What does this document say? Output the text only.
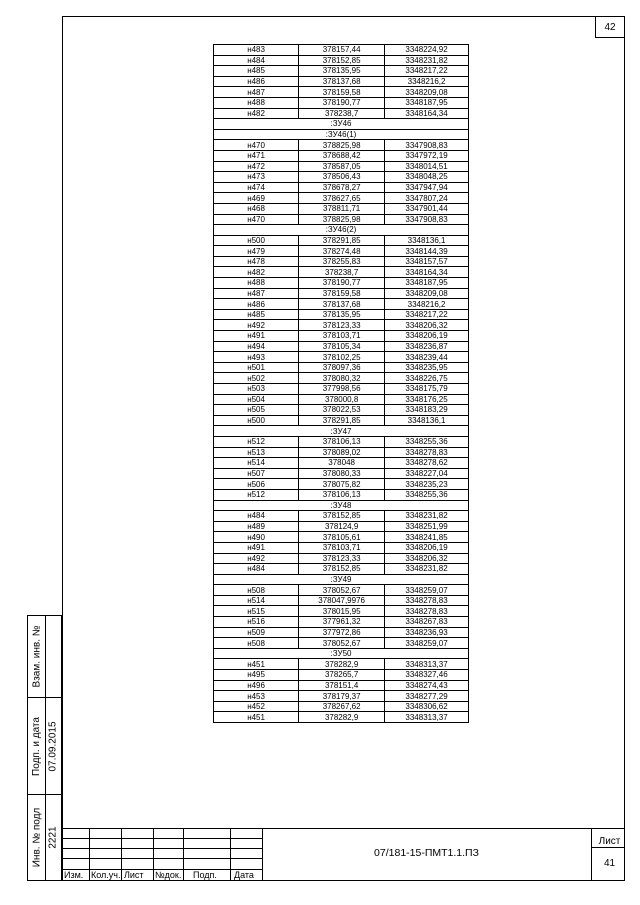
42
н483	378157,44	3348224,92
н484	378152,85	3348231,82
н485	378135,95	3348217,22
н486	378137,68	3348216,2
н487	378159,58	3348209,08
н488	378190,77	3348187,95
н482	378238,7	3348164,34
:ЗУ46		
:ЗУ46(1)		
н470	378825,98	3347908,83
н471	378688,42	3347972,19
н472	378587,05	3348014,51
н473	378506,43	3348048,25
н474	378678,27	3347947,94
н469	378627,65	3347807,24
н468	378811,71	3347901,44
н470	378825,98	3347908,83
:ЗУ46(2)		
н500	378291,85	3348136,1
н479	378274,48	3348144,39
н478	378255,83	3348157,57
н482	378238,7	3348164,34
н488	378190,77	3348187,95
н487	378159,58	3348209,08
н486	378137,68	3348216,2
н485	378135,95	3348217,22
н492	378123,33	3348206,32
н491	378103,71	3348206,19
н494	378105,34	3348236,87
н493	378102,25	3348239,44
н501	378097,36	3348235,95
н502	378080,32	3348226,75
н503	377998,56	3348175,79
н504	378000,8	3348176,25
н505	378022,53	3348183,29
н500	378291,85	3348136,1
:ЗУ47		
н512	378106,13	3348255,36
н513	378089,02	3348278,83
н514	378048	3348278,62
н507	378080,33	3348227,04
н506	378075,82	3348235,23
н512	378106,13	3348255,36
:ЗУ48		
н484	378152,85	3348231,82
н489	378124,9	3348251,99
н490	378105,61	3348241,85
н491	378103,71	3348206,19
н492	378123,33	3348206,32
н484	378152,85	3348231,82
:ЗУ49		
н508	378052,67	3348259,07
н514	378047,9976	3348278,83
н515	378015,95	3348278,83
н516	377961,32	3348267,83
н509	377972,86	3348236,93
н508	378052,67	3348259,07
:ЗУ50		
н451	378282,9	3348313,37
н495	378265,7	3348327,46
н496	378151,4	3348274,43
н453	378179,37	3348277,29
н452	378267,62	3348306,62
н451	378282,9	3348313,37
Взам. инв. №
Подп. и дата 07.09.2015
Инв. № подл 2221
Изм. Кол.уч. Лист №док. Подп. Дата
07/181-15-ПМТ1.1.ПЗ
Лист
41
